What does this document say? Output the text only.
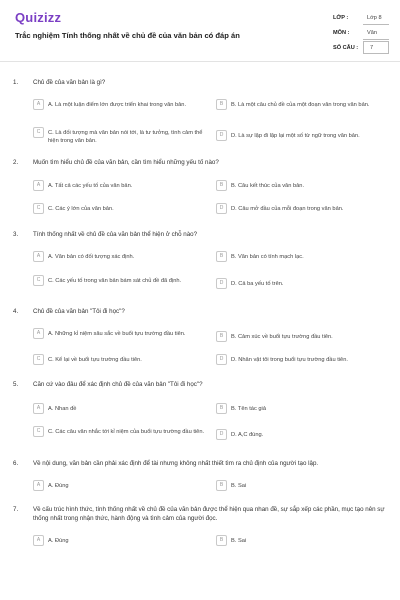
Quizizz
Trắc nghiệm Tính thống nhất về chủ đề của văn bản có đáp án
LỚP :	Lớp 8
MÔN :	Văn
SỐ CÂU : 7
1. Chủ đề của văn bản là gì?
A	A. Là một luận điểm lớn được triển khai trong văn bản.	B	B. Là một câu chủ đề của một đoạn văn trong văn bản.
C	C. Là đối tượng mà văn bản nói tới, là tư tưởng, tình cảm thể hiện trong văn bản.
D	D. Là sự lặp đi lặp lại một số từ ngữ trong văn bản.
2. Muốn tìm hiểu chủ đề của văn bản, cần tìm hiểu những yếu tố nào?
A	A. Tất cả các yếu tố của văn bản.	B	B. Câu kết thúc của văn bản.
C	C. Các ý lớn của văn bản.	D	D. Câu mở đầu của mỗi đoạn trong văn bản.
3. Tính thống nhất về chủ đề của văn bản thể hiện ở chỗ nào?
A	A. Văn bản có đối tượng xác định.	B	B. Văn bản có tính mạch lạc.
C	C. Các yếu tố trong văn bản bám sát chủ đề đã định.	D	D. Cả ba yếu tố trên.
4. Chủ đề của văn bản "Tôi đi học"?
A	A. Những kỉ niệm sâu sắc về buổi tựu trường đầu tiên.	B	B. Cảm xúc về buổi tựu trường đầu tiên.
C	C. Kể lại về buổi tựu trường đầu tiên.	D	D. Nhân vật tôi trong buổi tựu trường đầu tiên.
5. Căn cứ vào đâu để xác định chủ đề của văn bản "Tôi đi học"?
A	A. Nhan đề	B	B. Tên tác giả
C	C. Các câu văn nhắc tới kỉ niệm của buổi tựu trường đầu tiên.	D	D. A,C đúng.
6. Về nội dung, văn bản cần phải xác định để tài nhưng không nhất thiết tìm ra chủ định của người tạo lập.
A	A. Đúng	B	B. Sai
7. Về cấu trúc hình thức, tính thống nhất về chủ đề của văn bản được thể hiện qua nhan đề, sự sắp xếp các phần, mục tạo nên sự thống nhất trong nhận thức, hành động và tình cảm của người đọc.
A	A. Đúng	B	B. Sai
